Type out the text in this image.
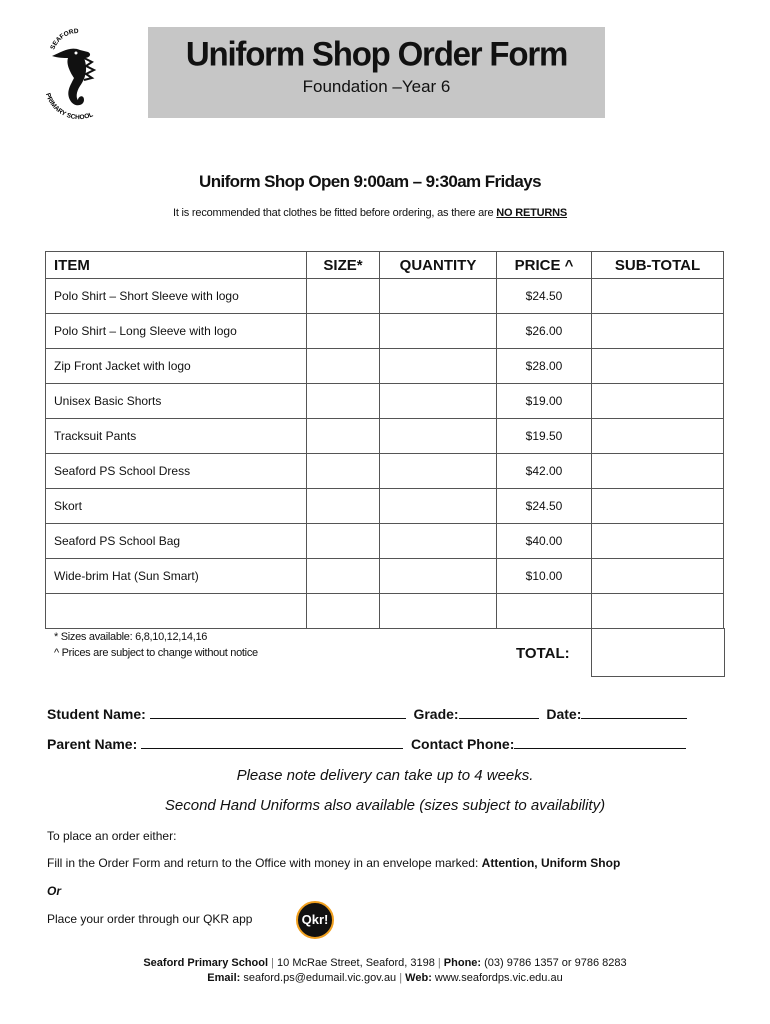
SEAFORD
PRIMARY SCHOOL
Uniform Shop Order Form
Foundation –Year 6
Uniform Shop Open 9:00am – 9:30am Fridays
It is recommended that clothes be fitted before ordering, as there are NO RETURNS
ITEM	SIZE*	QUANTITY	PRICE ^	SUB-TOTAL
Polo Shirt – Short Sleeve with logo			$24.50	
Polo Shirt – Long Sleeve with logo			$26.00	
Zip Front Jacket with logo			$28.00	
Unisex Basic Shorts			$19.00	
Tracksuit Pants			$19.50	
Seaford PS School Dress			$42.00	
Skort			$24.50	
Seaford PS School Bag			$40.00	
Wide-brim Hat (Sun Smart)			$10.00	

* Sizes available: 6,8,10,12,14,16
^ Prices are subject to change without notice	TOTAL:
Student Name:	Grade:	Date:
Parent Name:	Contact Phone:
Please note delivery can take up to 4 weeks.
Second Hand Uniforms also available (sizes subject to availability)
To place an order either:
Fill in the Order Form and return to the Office with money in an envelope marked: Attention, Uniform Shop
Or
Place your order through our QKR app	Qkr!
Seaford Primary School | 10 McRae Street, Seaford, 3198 | Phone: (03) 9786 1357 or 9786 8283
Email: seaford.ps@edumail.vic.gov.au | Web: www.seafordps.vic.edu.au
